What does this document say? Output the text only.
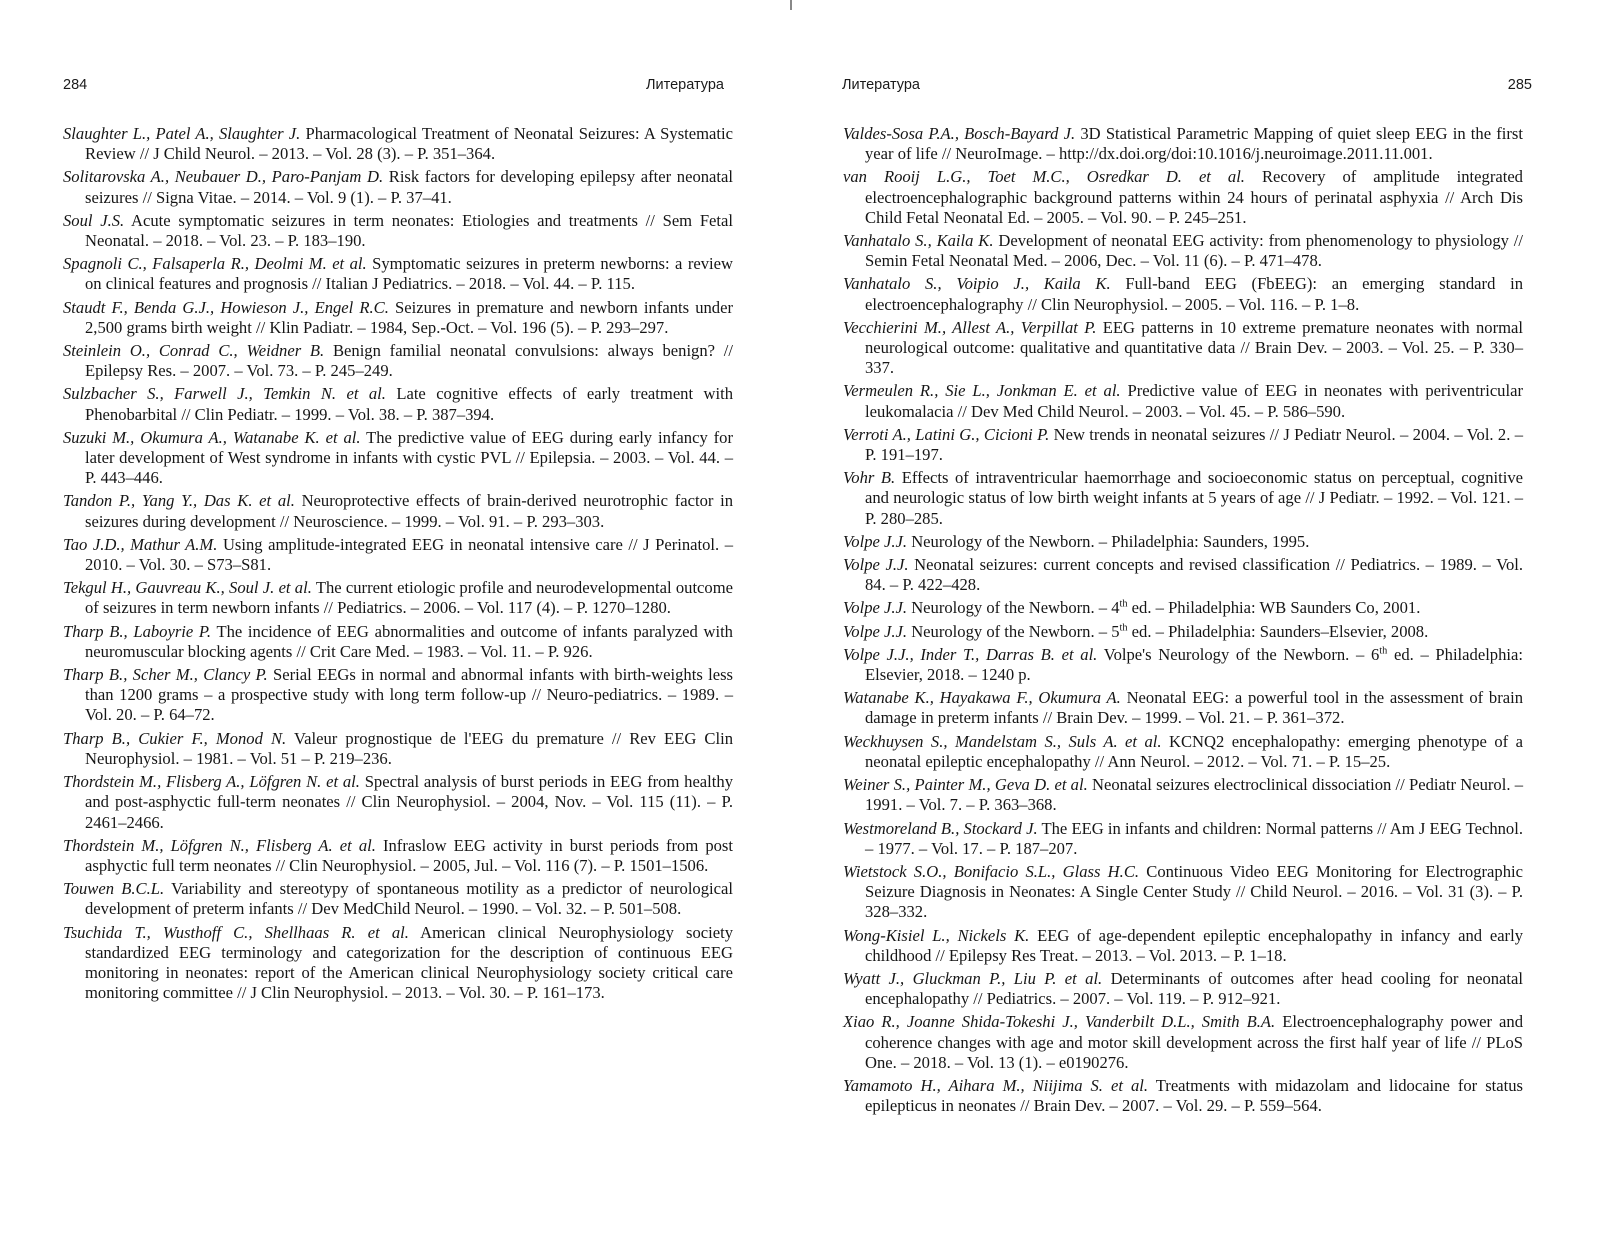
284	Литература

Slaughter L., Patel A., Slaughter J. Pharmacological Treatment of Neonatal Seizures: A Systematic Review // J Child Neurol. – 2013. – Vol. 28 (3). – P. 351–364.

Solitarovska A., Neubauer D., Paro-Panjam D. Risk factors for developing epilepsy after neonatal seizures // Signa Vitae. – 2014. – Vol. 9 (1). – P. 37–41.

Soul J.S. Acute symptomatic seizures in term neonates: Etiologies and treatments // Sem Fetal Neonatal. – 2018. – Vol. 23. – P. 183–190.

Spagnoli C., Falsaperla R., Deolmi M. et al. Symptomatic seizures in preterm newborns: a review on clinical features and prognosis // Italian J Pediatrics. – 2018. – Vol. 44. – P. 115.

Staudt F., Benda G.J., Howieson J., Engel R.C. Seizures in premature and newborn infants under 2,500 grams birth weight // Klin Padiatr. – 1984, Sep.-Oct. – Vol. 196 (5). – P. 293–297.

Steinlein O., Conrad C., Weidner B. Benign familial neonatal convulsions: always benign? // Epilepsy Res. – 2007. – Vol. 73. – P. 245–249.

Sulzbacher S., Farwell J., Temkin N. et al. Late cognitive effects of early treatment with Phenobarbital // Clin Pediatr. – 1999. – Vol. 38. – P. 387–394.

Suzuki M., Okumura A., Watanabe K. et al. The predictive value of EEG during early infancy for later development of West syndrome in infants with cystic PVL // Epilepsia. – 2003. – Vol. 44. – P. 443–446.

Tandon P., Yang Y., Das K. et al. Neuroprotective effects of brain-derived neurotrophic factor in seizures during development // Neuroscience. – 1999. – Vol. 91. – P. 293–303.

Tao J.D., Mathur A.M. Using amplitude-integrated EEG in neonatal intensive care // J Perinatol. – 2010. – Vol. 30. – S73–S81.

Tekgul H., Gauvreau K., Soul J. et al. The current etiologic profile and neurodevelopmental outcome of seizures in term newborn infants // Pediatrics. – 2006. – Vol. 117 (4). – P. 1270–1280.

Tharp B., Laboyrie P. The incidence of EEG abnormalities and outcome of infants paralyzed with neuromuscular blocking agents // Crit Care Med. – 1983. – Vol. 11. – P. 926.

Tharp B., Scher M., Clancy P. Serial EEGs in normal and abnormal infants with birth-weights less than 1200 grams – a prospective study with long term follow-up // Neuro-pediatrics. – 1989. – Vol. 20. – P. 64–72.

Tharp B., Cukier F., Monod N. Valeur prognostique de l'EEG du premature // Rev EEG Clin Neurophysiol. – 1981. – Vol. 51 – P. 219–236.

Thordstein M., Flisberg A., Löfgren N. et al. Spectral analysis of burst periods in EEG from healthy and post-asphyctic full-term neonates // Clin Neurophysiol. – 2004, Nov. – Vol. 115 (11). – P. 2461–2466.

Thordstein M., Löfgren N., Flisberg A. et al. Infraslow EEG activity in burst periods from post asphyctic full term neonates // Clin Neurophysiol. – 2005, Jul. – Vol. 116 (7). – P. 1501–1506.

Touwen B.C.L. Variability and stereotypy of spontaneous motility as a predictor of neurological development of preterm infants // Dev MedChild Neurol. – 1990. – Vol. 32. – P. 501–508.

Tsuchida T., Wusthoff C., Shellhaas R. et al. American clinical Neurophysiology society standardized EEG terminology and categorization for the description of continuous EEG monitoring in neonates: report of the American clinical Neurophysiology society critical care monitoring committee // J Clin Neurophysiol. – 2013. – Vol. 30. – P. 161–173.

Литература	285

Valdes-Sosa P.A., Bosch-Bayard J. 3D Statistical Parametric Mapping of quiet sleep EEG in the first year of life // NeuroImage. – http://dx.doi.org/doi:10.1016/j.neuroimage.2011.11.001.

van Rooij L.G., Toet M.C., Osredkar D. et al. Recovery of amplitude integrated electroencephalographic background patterns within 24 hours of perinatal asphyxia // Arch Dis Child Fetal Neonatal Ed. – 2005. – Vol. 90. – P. 245–251.

Vanhatalo S., Kaila K. Development of neonatal EEG activity: from phenomenology to physiology // Semin Fetal Neonatal Med. – 2006, Dec. – Vol. 11 (6). – P. 471–478.

Vanhatalo S., Voipio J., Kaila K. Full-band EEG (FbEEG): an emerging standard in electroencephalography // Clin Neurophysiol. – 2005. – Vol. 116. – P. 1–8.

Vecchierini M., Allest A., Verpillat P. EEG patterns in 10 extreme premature neonates with normal neurological outcome: qualitative and quantitative data // Brain Dev. – 2003. – Vol. 25. – P. 330–337.

Vermeulen R., Sie L., Jonkman E. et al. Predictive value of EEG in neonates with periventricular leukomalacia // Dev Med Child Neurol. – 2003. – Vol. 45. – P. 586–590.

Verroti A., Latini G., Cicioni P. New trends in neonatal seizures // J Pediatr Neurol. – 2004. – Vol. 2. – P. 191–197.

Vohr B. Effects of intraventricular haemorrhage and socioeconomic status on perceptual, cognitive and neurologic status of low birth weight infants at 5 years of age // J Pediatr. – 1992. – Vol. 121. – P. 280–285.

Volpe J.J. Neurology of the Newborn. – Philadelphia: Saunders, 1995.

Volpe J.J. Neonatal seizures: current concepts and revised classification // Pediatrics. – 1989. – Vol. 84. – P. 422–428.

Volpe J.J. Neurology of the Newborn. – 4th ed. – Philadelphia: WB Saunders Co, 2001.

Volpe J.J. Neurology of the Newborn. – 5th ed. – Philadelphia: Saunders–Elsevier, 2008.

Volpe J.J., Inder T., Darras B. et al. Volpe's Neurology of the Newborn. – 6th ed. – Philadelphia: Elsevier, 2018. – 1240 p.

Watanabe K., Hayakawa F., Okumura A. Neonatal EEG: a powerful tool in the assessment of brain damage in preterm infants // Brain Dev. – 1999. – Vol. 21. – P. 361–372.

Weckhuysen S., Mandelstam S., Suls A. et al. KCNQ2 encephalopathy: emerging phenotype of a neonatal epileptic encephalopathy // Ann Neurol. – 2012. – Vol. 71. – P. 15–25.

Weiner S., Painter M., Geva D. et al. Neonatal seizures electroclinical dissociation // Pediatr Neurol. – 1991. – Vol. 7. – P. 363–368.

Westmoreland B., Stockard J. The EEG in infants and children: Normal patterns // Am J EEG Technol. – 1977. – Vol. 17. – P. 187–207.

Wietstock S.O., Bonifacio S.L., Glass H.C. Continuous Video EEG Monitoring for Electrographic Seizure Diagnosis in Neonates: A Single Center Study // Child Neurol. – 2016. – Vol. 31 (3). – P. 328–332.

Wong-Kisiel L., Nickels K. EEG of age-dependent epileptic encephalopathy in infancy and early childhood // Epilepsy Res Treat. – 2013. – Vol. 2013. – P. 1–18.

Wyatt J., Gluckman P., Liu P. et al. Determinants of outcomes after head cooling for neonatal encephalopathy // Pediatrics. – 2007. – Vol. 119. – P. 912–921.

Xiao R., Joanne Shida-Tokeshi J., Vanderbilt D.L., Smith B.A. Electroencephalography power and coherence changes with age and motor skill development across the first half year of life // PLoS One. – 2018. – Vol. 13 (1). – e0190276.

Yamamoto H., Aihara M., Niijima S. et al. Treatments with midazolam and lidocaine for status epilepticus in neonates // Brain Dev. – 2007. – Vol. 29. – P. 559–564.
